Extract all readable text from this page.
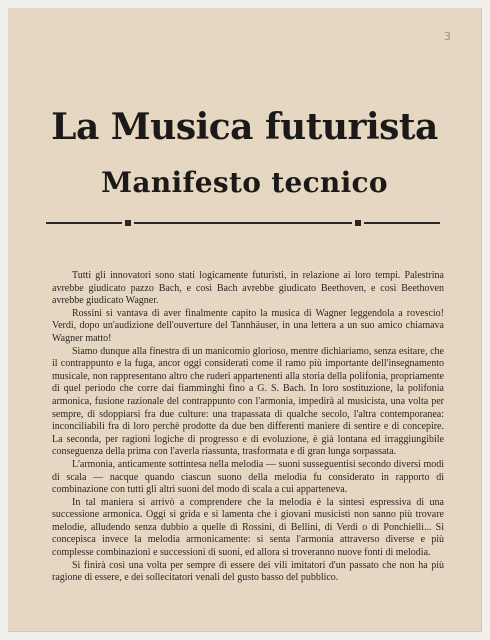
3
La Musica futurista
Manifesto tecnico

Tutti gli innovatori sono stati logicamente futuristi, in relazione ai loro tempi. Palestrina avrebbe giudicato pazzo Bach, e così Bach avrebbe giudicato Beethoven, e così Beethoven avrebbe giudicato Wagner.

Rossini si vantava di aver finalmente capito la musica di Wagner leggendola a rovescio! Verdi, dopo un'audizione dell'ouverture del Tannhäuser, in una lettera a un suo amico chiamava Wagner matto!

Siamo dunque alla finestra di un manicomio glorioso, mentre dichiariamo, senza esitare, che il contrappunto e la fuga, ancor oggi considerati come il ramo più importante dell'insegnamento musicale, non rappresentano altro che ruderi appartenenti alla storia della polifonia, propriamente di quel periodo che corre dai fiamminghi fino a G. S. Bach. In loro sostituzione, la polifonia armonica, fusione razionale del contrappunto con l'armonia, impedirà al musicista, una volta per sempre, di sdoppiarsi fra due culture: una trapassata di qualche secolo, l'altra contemporanea: inconciliabili fra di loro perchè prodotte da due ben differenti maniere di sentire e di concepire. La seconda, per ragioni logiche di progresso e di evoluzione, è già lontana ed irraggiungibile conseguenza della prima con l'averla riassunta, trasformata e di gran lunga sorpassata.

L'armonia, anticamente sottintesa nella melodia — suoni susseguentisi secondo diversi modi di scala — nacque quando ciascun suono della melodia fu considerato in rapporto di combinazione con tutti gli altri suoni del modo di scala a cui apparteneva.

In tal maniera si arrivò a comprendere che la melodia è la sintesi espressiva di una successione armonica. Oggi si grida e si lamenta che i giovani musicisti non sanno più trovare melodie, alludendo senza dubbio a quelle di Rossini, di Bellini, di Verdi o di Ponchielli... Si concepisca invece la melodia armonicamente: si senta l'armonia attraverso diverse e più complesse combinazioni e successioni di suoni, ed allora si troveranno nuove fonti di melodia.

Si finirà così una volta per sempre di essere dei vili imitatori d'un passato che non ha più ragione di essere, e dei sollecitatori venali del gusto basso del pubblico.
